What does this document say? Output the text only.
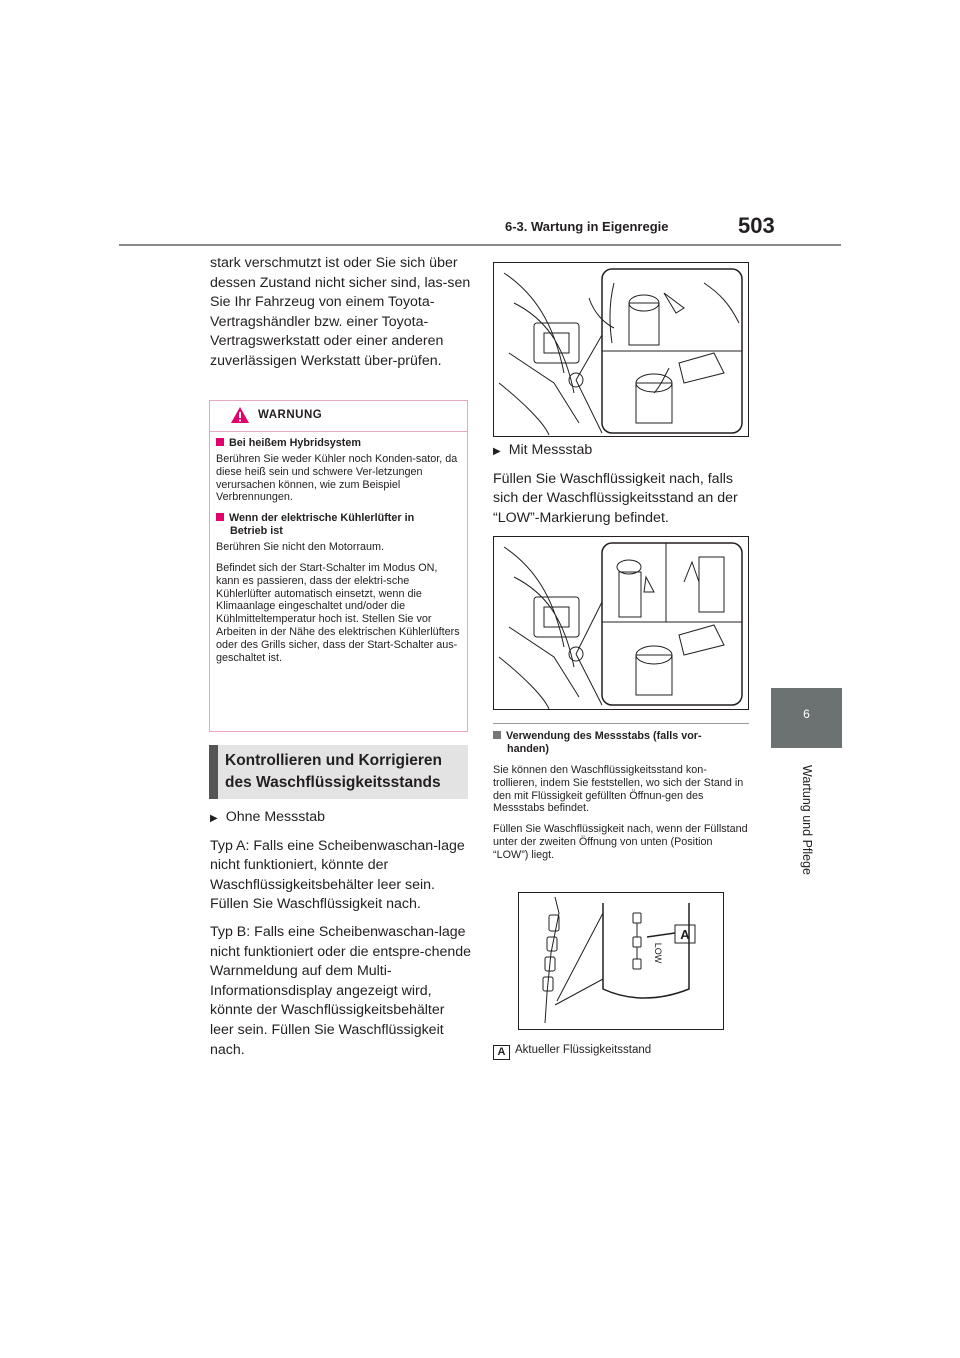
6-3. Wartung in Eigenregie	503
6
Wartung und Pflege

stark verschmutzt ist oder Sie sich über dessen Zustand nicht sicher sind, las-sen Sie Ihr Fahrzeug von einem Toyota-Vertragshändler bzw. einer Toyota-Vertragswerkstatt oder einer anderen zuverlässigen Werkstatt über-prüfen.

WARNUNG

Bei heißem Hybridsystem

Berühren Sie weder Kühler noch Konden-sator, da diese heiß sein und schwere Ver-letzungen verursachen können, wie zum Beispiel Verbrennungen.

Wenn der elektrische Kühlerlüfter in
Betrieb ist

Berühren Sie nicht den Motorraum.

Befindet sich der Start-Schalter im Modus ON, kann es passieren, dass der elektri-sche Kühlerlüfter automatisch einsetzt, wenn die Klimaanlage eingeschaltet und/oder die Kühlmitteltemperatur hoch ist. Stellen Sie vor Arbeiten in der Nähe des elektrischen Kühlerlüfters oder des Grills sicher, dass der Start-Schalter aus-geschaltet ist.

Kontrollieren und Korrigieren
des Waschflüssigkeitsstands

▶ Ohne Messstab

Typ A: Falls eine Scheibenwaschan-lage nicht funktioniert, könnte der Waschflüssigkeitsbehälter leer sein. Füllen Sie Waschflüssigkeit nach.

Typ B: Falls eine Scheibenwaschan-lage nicht funktioniert oder die entspre-chende Warnmeldung auf dem Multi-Informationsdisplay angezeigt wird, könnte der Waschflüssigkeitsbehälter leer sein. Füllen Sie Waschflüssigkeit nach.

▶ Mit Messstab

Füllen Sie Waschflüssigkeit nach, falls sich der Waschflüssigkeitsstand an der “LOW”-Markierung befindet.

Verwendung des Messstabs (falls vor-
handen)

Sie können den Waschflüssigkeitsstand kon-trollieren, indem Sie feststellen, wo sich der Stand in den mit Flüssigkeit gefüllten Öffnun-gen des Messstabs befindet.

Füllen Sie Waschflüssigkeit nach, wenn der Füllstand unter der zweiten Öffnung von unten (Position “LOW”) liegt.

A
LOW
A Aktueller Flüssigkeitsstand
